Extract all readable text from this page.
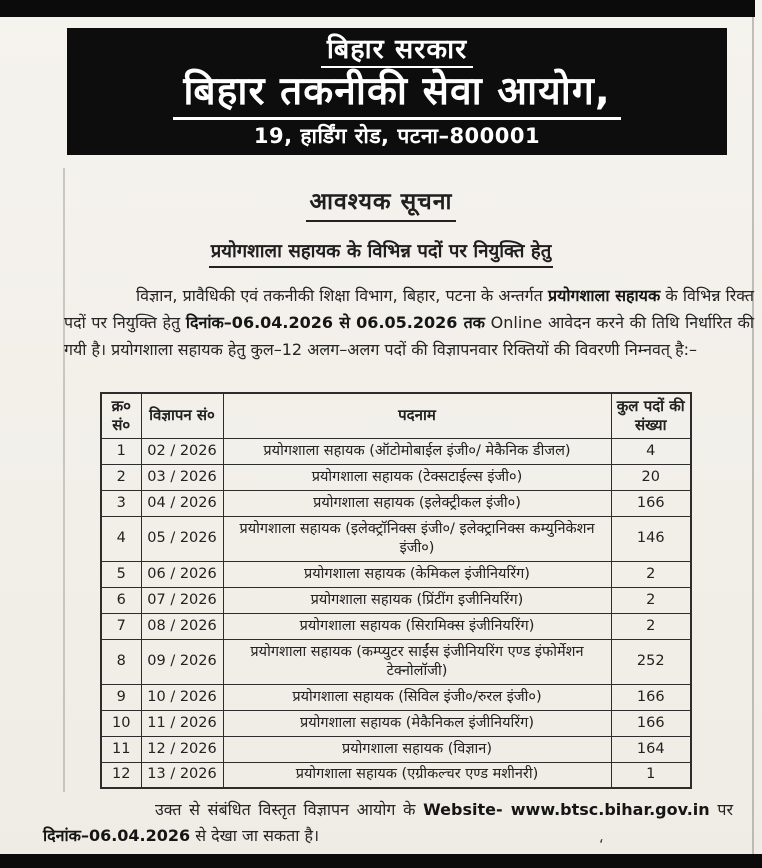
बिहार सरकार
बिहार तकनीकी सेवा आयोग,
19, हार्डिंग रोड, पटना–800001
आवश्यक सूचना
प्रयोगशाला सहायक के विभिन्न पदों पर नियुक्ति हेतु

विज्ञान, प्रावैधिकी एवं तकनीकी शिक्षा विभाग, बिहार, पटना के अन्तर्गत प्रयोगशाला सहायक के विभिन्न रिक्त पदों पर नियुक्ति हेतु दिनांक–06.04.2026 से 06.05.2026 तक Online आवेदन करने की तिथि निर्धारित की गयी है। प्रयोगशाला सहायक हेतु कुल–12 अलग–अलग पदों की विज्ञापनवार रिक्तियों की विवरणी निम्नवत् है:–

क्र० सं०	विज्ञापन सं०	पदनाम	कुल पदों की संख्या
1	02 / 2026	प्रयोगशाला सहायक (ऑटोमोबाईल इंजी०/ मेकैनिक डीजल)	4
2	03 / 2026	प्रयोगशाला सहायक (टेक्सटाईल्स इंजी०)	20
3	04 / 2026	प्रयोगशाला सहायक (इलेक्ट्रीकल इंजी०)	166
4	05 / 2026	प्रयोगशाला सहायक (इलेक्ट्रॉनिक्स इंजी०/ इलेक्ट्रानिक्स कम्युनिकेशन इंजी०)	146
5	06 / 2026	प्रयोगशाला सहायक (केमिकल इंजीनियरिंग)	2
6	07 / 2026	प्रयोगशाला सहायक (प्रिंटींग इजीनियरिंग)	2
7	08 / 2026	प्रयोगशाला सहायक (सिरामिक्स इंजीनियरिंग)	2
8	09 / 2026	प्रयोगशाला सहायक (कम्प्युटर साईंस इंजीनियरिंग एण्ड इंफोर्मेशन टेक्नोलॉजी)	252
9	10 / 2026	प्रयोगशाला सहायक (सिविल इंजी०/रुरल इंजी०)	166
10	11 / 2026	प्रयोगशाला सहायक (मेकैनिकल इंजीनियरिंग)	166
11	12 / 2026	प्रयोगशाला सहायक (विज्ञान)	164
12	13 / 2026	प्रयोगशाला सहायक (एग्रीकल्चर एण्ड मशीनरी)	1

उक्त से संबंधित विस्तृत विज्ञापन आयोग के Website- www.btsc.bihar.gov.in पर दिनांक–06.04.2026 से देखा जा सकता है।	‘
